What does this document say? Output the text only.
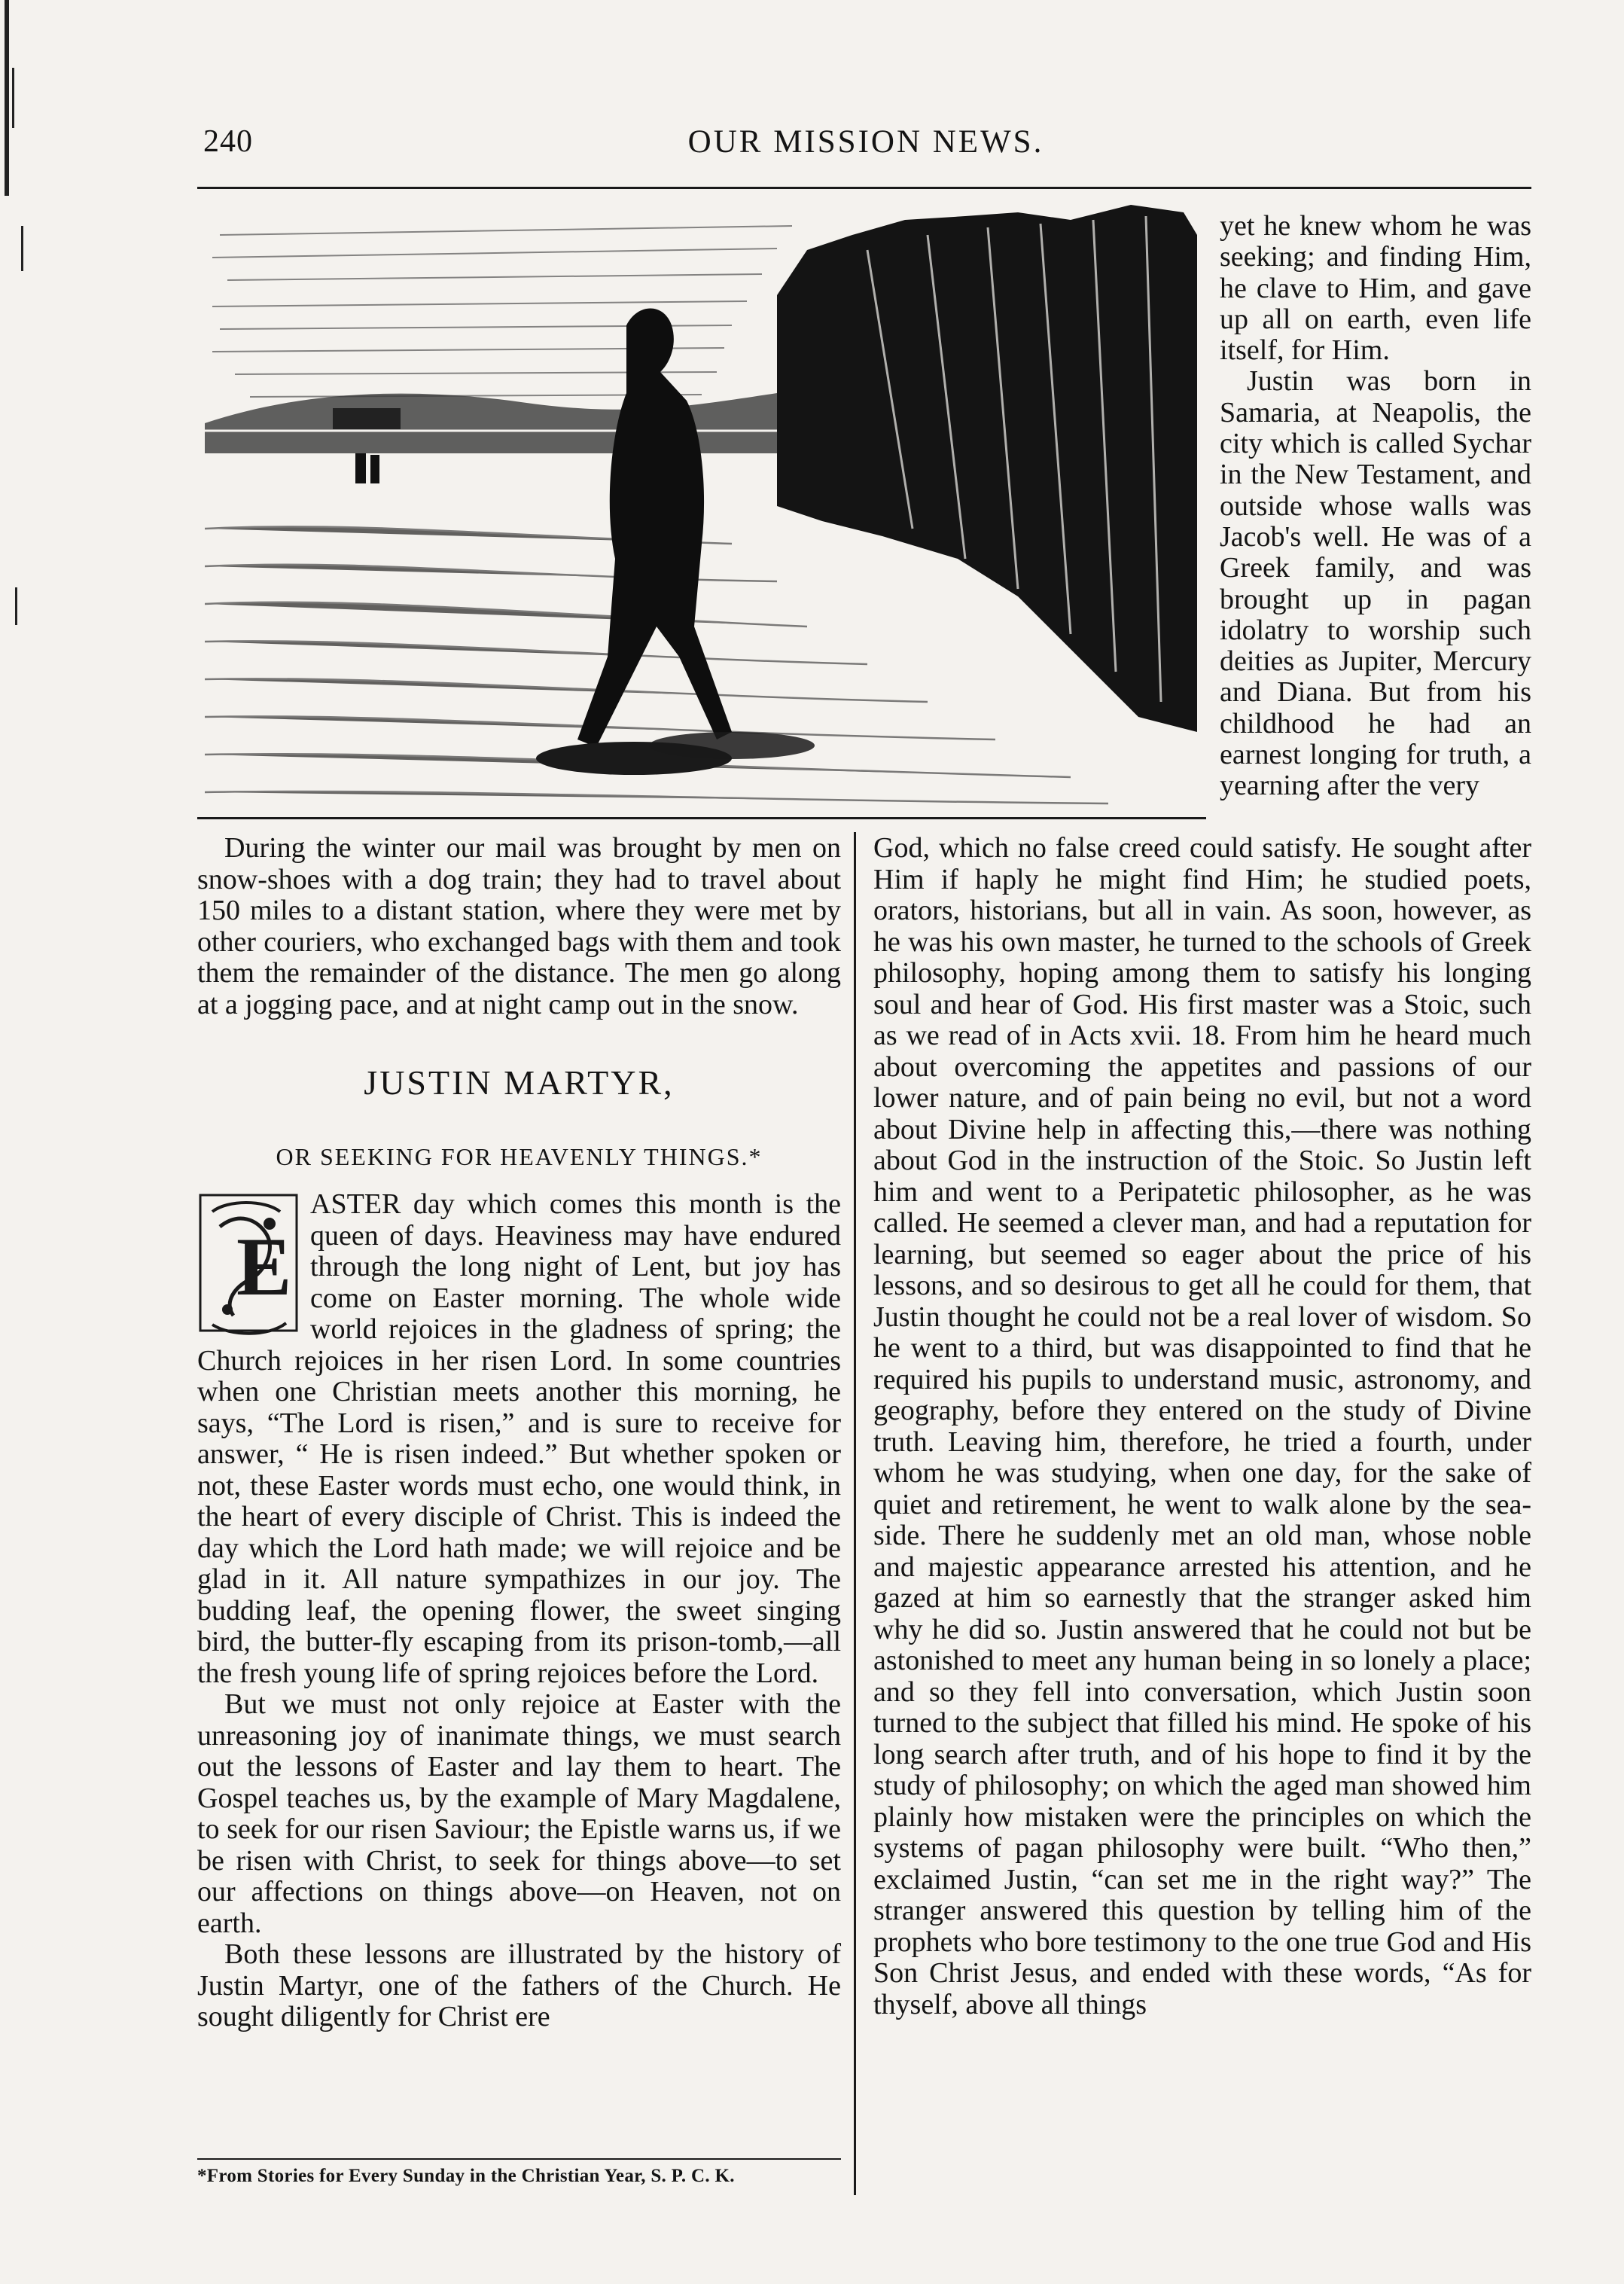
240	OUR MISSION NEWS.

yet he knew whom he was seeking; and finding Him, he clave to Him, and gave up all on earth, even life itself, for Him.

Justin was born in Samaria, at Neapolis, the city which is called Sychar in the New Testament, and outside whose walls was Jacob's well. He was of a Greek family, and was brought up in pagan idolatry to worship such deities as Jupiter, Mercury and Diana. But from his childhood he had an earnest longing for truth, a yearning after the very

During the winter our mail was brought by men on snow-shoes with a dog train; they had to travel about 150 miles to a distant station, where they were met by other couriers, who exchanged bags with them and took them the remainder of the distance. The men go along at a jogging pace, and at night camp out in the snow.

JUSTIN MARTYR,
OR SEEKING FOR HEAVENLY THINGS.*
E

ASTER day which comes this month is the queen of days. Heaviness may have endured through the long night of Lent, but joy has come on Easter morning. The whole wide world rejoices in the gladness of spring; the Church rejoices in her risen Lord. In some countries when one Christian meets another this morning, he says, “The Lord is risen,” and is sure to receive for answer, “ He is risen indeed.” But whether spoken or not, these Easter words must echo, one would think, in the heart of every disciple of Christ. This is indeed the day which the Lord hath made; we will rejoice and be glad in it. All nature sympathizes in our joy. The budding leaf, the opening flower, the sweet singing bird, the butter-fly escaping from its prison-tomb,—all the fresh young life of spring rejoices before the Lord.

But we must not only rejoice at Easter with the unreasoning joy of inanimate things, we must search out the lessons of Easter and lay them to heart. The Gospel teaches us, by the example of Mary Magdalene, to seek for our risen Saviour; the Epistle warns us, if we be risen with Christ, to seek for things above—to set our affections on things above—on Heaven, not on earth.

Both these lessons are illustrated by the history of Justin Martyr, one of the fathers of the Church. He sought diligently for Christ ere

*From Stories for Every Sunday in the Christian Year, S. P. C. K.

God, which no false creed could satisfy. He sought after Him if haply he might find Him; he studied poets, orators, historians, but all in vain. As soon, however, as he was his own master, he turned to the schools of Greek philosophy, hoping among them to satisfy his longing soul and hear of God. His first master was a Stoic, such as we read of in Acts xvii. 18. From him he heard much about overcoming the appetites and passions of our lower nature, and of pain being no evil, but not a word about Divine help in affecting this,—there was nothing about God in the instruction of the Stoic. So Justin left him and went to a Peripatetic philosopher, as he was called. He seemed a clever man, and had a reputation for learning, but seemed so eager about the price of his lessons, and so desirous to get all he could for them, that Justin thought he could not be a real lover of wisdom. So he went to a third, but was disappointed to find that he required his pupils to understand music, astronomy, and geography, before they entered on the study of Divine truth. Leaving him, therefore, he tried a fourth, under whom he was studying, when one day, for the sake of quiet and retirement, he went to walk alone by the sea-side. There he suddenly met an old man, whose noble and majestic appearance arrested his attention, and he gazed at him so earnestly that the stranger asked him why he did so. Justin answered that he could not but be astonished to meet any human being in so lonely a place; and so they fell into conversation, which Justin soon turned to the subject that filled his mind. He spoke of his long search after truth, and of his hope to find it by the study of philosophy; on which the aged man showed him plainly how mistaken were the principles on which the systems of pagan philosophy were built. “Who then,” exclaimed Justin, “can set me in the right way?” The stranger answered this question by telling him of the prophets who bore testimony to the one true God and His Son Christ Jesus, and ended with these words, “As for thyself, above all things
